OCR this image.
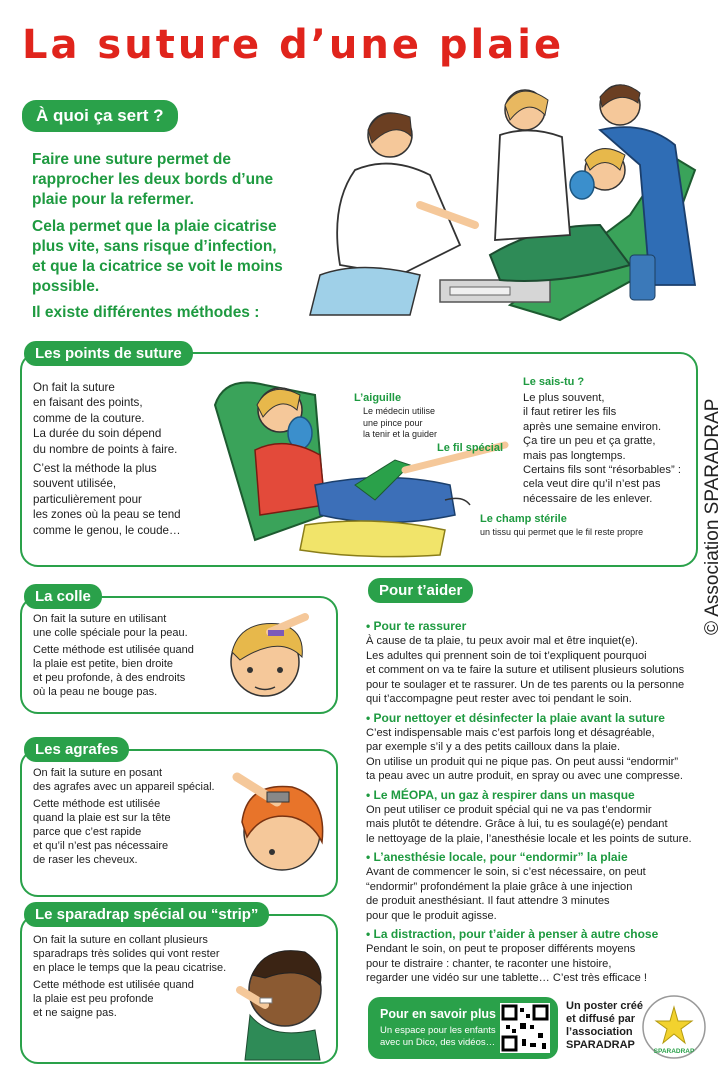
La suture d’une plaie
À quoi ça sert ?
Faire une suture permet de rapprocher les deux bords d’une plaie pour la refermer.
Cela permet que la plaie cicatrise plus vite, sans risque d’infection, et que la cicatrice se voit le moins possible.
Il existe différentes méthodes :
Les points de suture
On fait la suture
en faisant des points,
comme de la couture.
La durée du soin dépend
du nombre de points à faire.
C’est la méthode la plus
souvent utilisée,
particulièrement pour
les zones où la peau se tend
comme le genou, le coude…
L’aiguille
Le médecin utilise
une pince pour
la tenir et la guider
Le fil spécial
Le champ stérile
un tissu qui permet que le fil reste propre
Le sais-tu ?
Le plus souvent,
il faut retirer les fils
après une semaine environ.
Ça tire un peu et ça gratte,
mais pas longtemps.
Certains fils sont “résorbables” :
cela veut dire qu’il n’est pas
nécessaire de les enlever.
La colle
On fait la suture en utilisant
une colle spéciale pour la peau.
Cette méthode est utilisée quand
la plaie est petite, bien droite
et peu profonde, à des endroits
où la peau ne bouge pas.
Les agrafes
On fait la suture en posant
des agrafes avec un appareil spécial.
Cette méthode est utilisée
quand la plaie est sur la tête
parce que c’est rapide
et qu’il n’est pas nécessaire
de raser les cheveux.
Le sparadrap spécial ou “strip”
On fait la suture en collant plusieurs
sparadraps très solides qui vont rester
en place le temps que la peau cicatrise.
Cette méthode est utilisée quand
la plaie est peu profonde
et ne saigne pas.
Pour t’aider
• Pour te rassurer
À cause de ta plaie, tu peux avoir mal et être inquiet(e).
Les adultes qui prennent soin de toi t’expliquent pourquoi
et comment on va te faire la suture et utilisent plusieurs solutions
pour te soulager et te rassurer. Un de tes parents ou la personne
qui t’accompagne peut rester avec toi pendant le soin.
• Pour nettoyer et désinfecter la plaie avant la suture
C’est indispensable mais c’est parfois long et désagréable,
par exemple s’il y a des petits cailloux dans la plaie.
On utilise un produit qui ne pique pas. On peut aussi “endormir”
ta peau avec un autre produit, en spray ou avec une compresse.
• Le MÉOPA, un gaz à respirer dans un masque
On peut utiliser ce produit spécial qui ne va pas t’endormir
mais plutôt te détendre. Grâce à lui, tu es soulagé(e) pendant
le nettoyage de la plaie, l’anesthésie locale et les points de suture.
• L’anesthésie locale, pour “endormir” la plaie
Avant de commencer le soin, si c’est nécessaire, on peut
“endormir” profondément la plaie grâce à une injection
de produit anesthésiant. Il faut attendre 3 minutes
pour que le produit agisse.
• La distraction, pour t’aider à penser à autre chose
Pendant le soin, on peut te proposer différents moyens
pour te distraire : chanter, te raconter une histoire,
regarder une vidéo sur une tablette… C’est très efficace !
Pour en savoir plus
Un espace pour les enfants
avec un Dico, des vidéos…
Un poster créé
et diffusé par
l’association
SPARADRAP
SPARADRAP
© Association SPARADRAP
